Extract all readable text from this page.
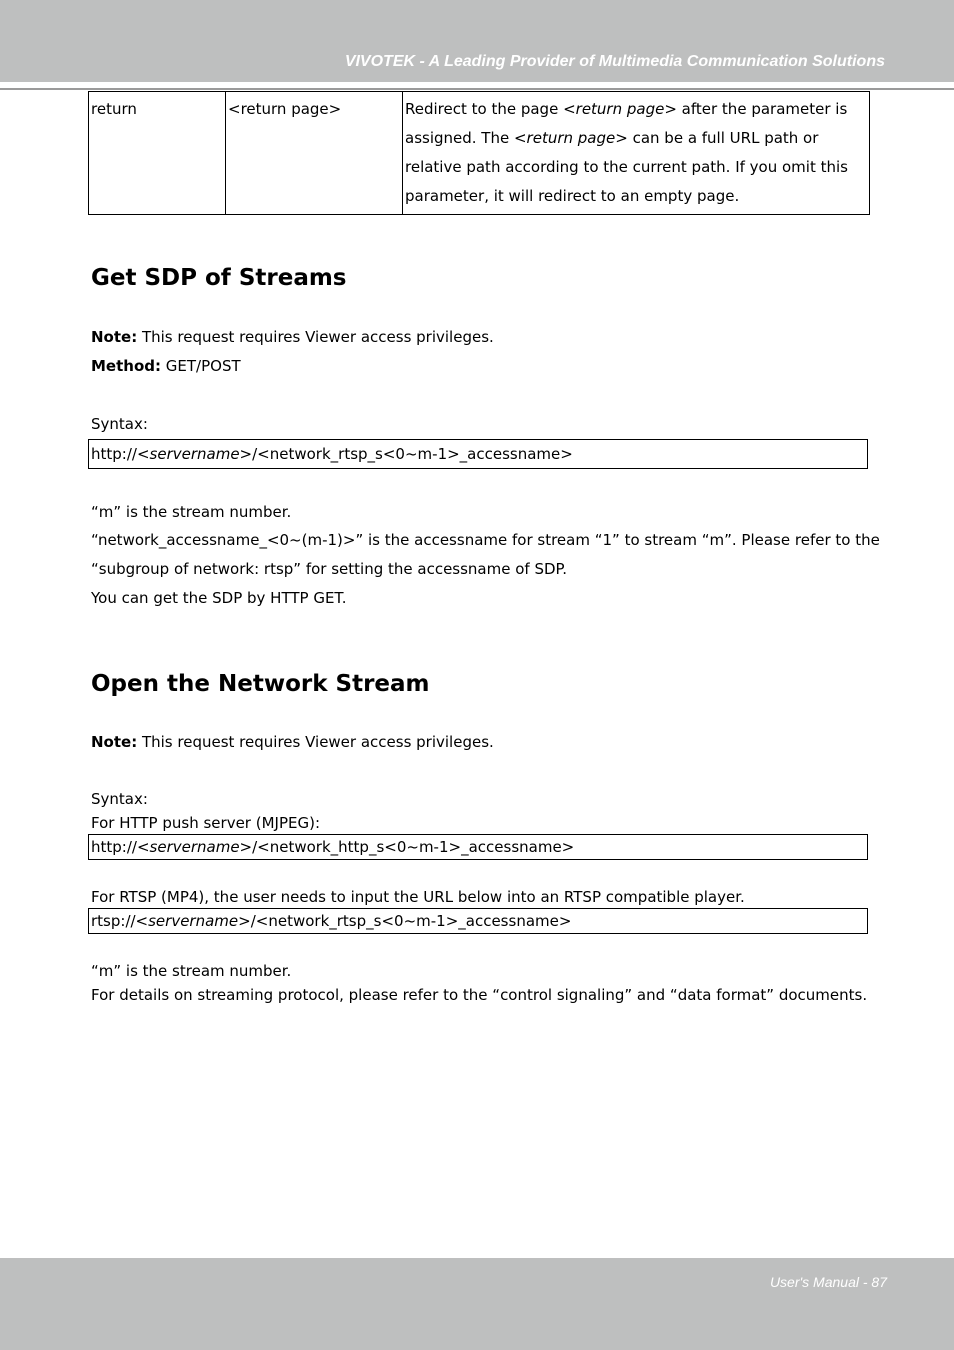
VIVOTEK - A Leading Provider of Multimedia Communication Solutions
return	<return page>	Redirect to the page <return page> after the parameter is assigned. The <return page> can be a full URL path or relative path according to the current path. If you omit this parameter, it will redirect to an empty page.
Get SDP of Streams
Note: This request requires Viewer access privileges.
Method: GET/POST
Syntax:
http://<servername>/<network_rtsp_s<0~m-1>_accessname>
“m” is the stream number.
“network_accessname_<0~(m-1)>” is the accessname for stream “1” to stream “m”. Please refer to the
“subgroup of network: rtsp” for setting the accessname of SDP.
You can get the SDP by HTTP GET.
Open the Network Stream
Note: This request requires Viewer access privileges.
Syntax:
For HTTP push server (MJPEG):
http://<servername>/<network_http_s<0~m-1>_accessname>
For RTSP (MP4), the user needs to input the URL below into an RTSP compatible player.
rtsp://<servername>/<network_rtsp_s<0~m-1>_accessname>
“m” is the stream number.
For details on streaming protocol, please refer to the “control signaling” and “data format” documents.
User's Manual - 87
